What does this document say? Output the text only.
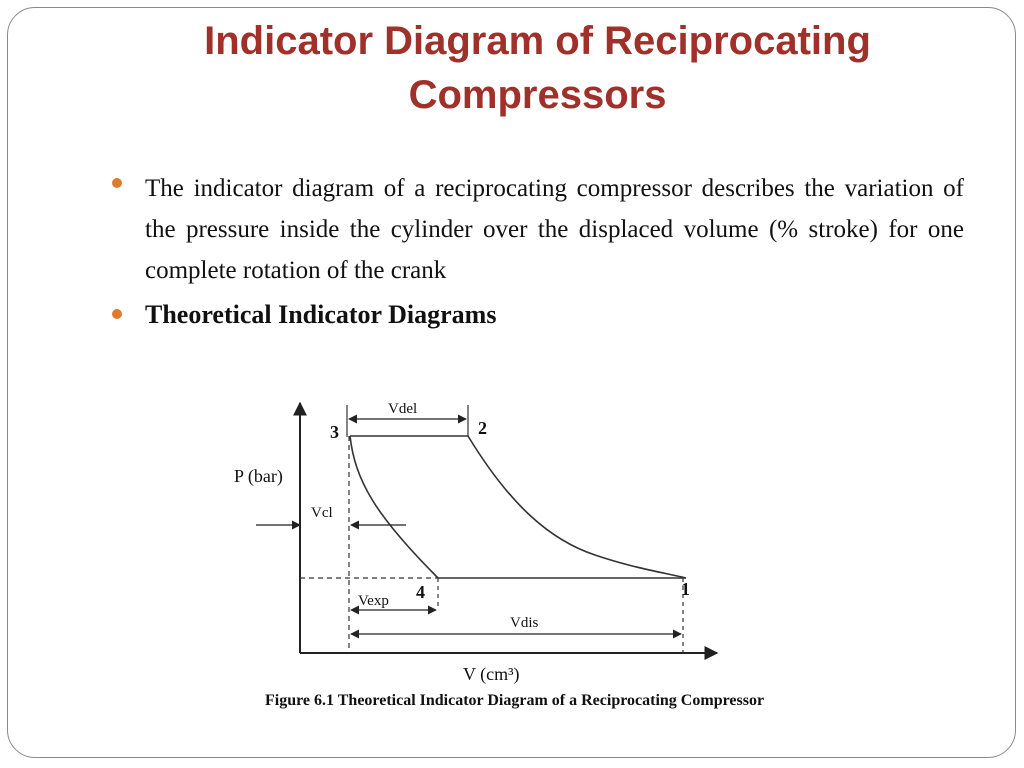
Indicator Diagram of Reciprocating Compressors
The indicator diagram of a reciprocating compressor describes the variation of the pressure inside the cylinder over the displaced volume (% stroke) for one complete rotation of the crank
Theoretical Indicator Diagrams
3	2
4	1
Vdel
Vcl
Vexp
Vdis
P (bar)
V (cm³)
Figure 6.1 Theoretical Indicator Diagram of a Reciprocating Compressor
